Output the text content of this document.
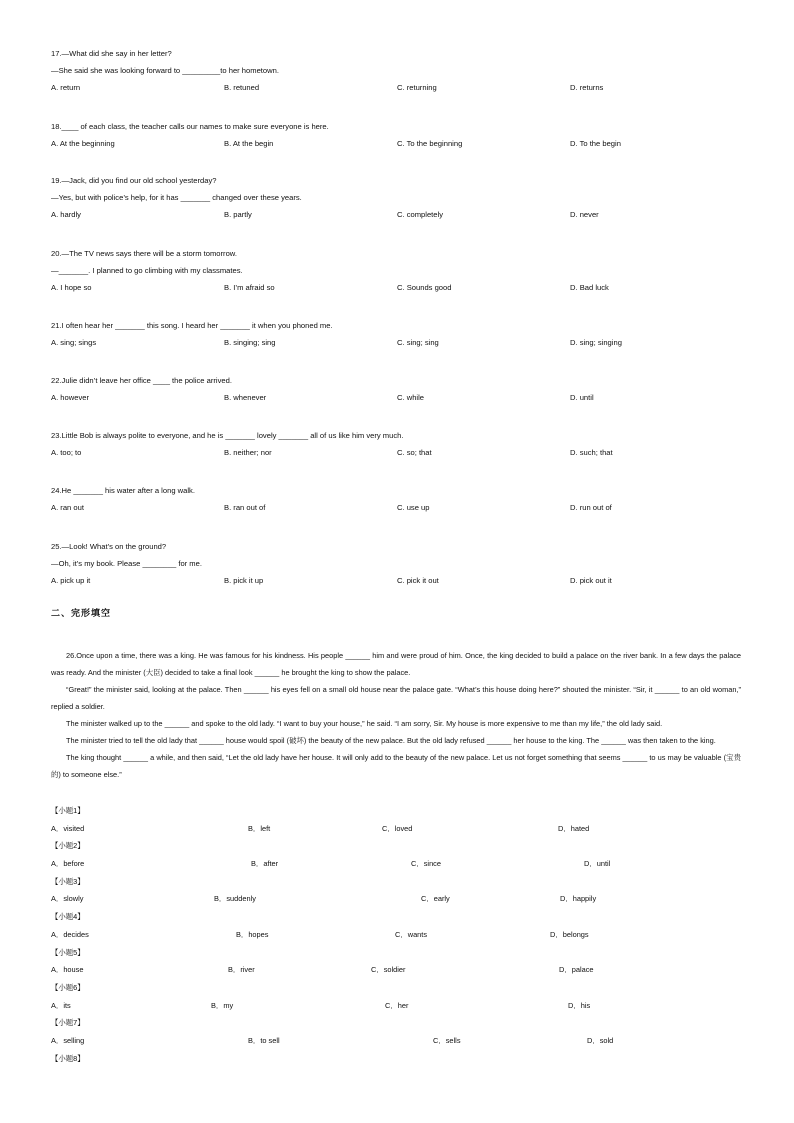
17.—What did she say in her letter?
—She said she was looking forward to _________to her hometown.
A. return	B. retuned	C. returning	D. returns
18.____ of each class, the teacher calls our names to make sure everyone is here.
A. At the beginning	B. At the begin	C. To the beginning	D. To the begin
19.—Jack, did you find our old school yesterday?
—Yes, but with police’s help, for it has _______ changed over these years.
A. hardly	B. partly	C. completely	D. never
20.—The TV news says there will be a storm tomorrow.
—_______. I planned to go climbing with my classmates.
A. I hope so	B. I’m afraid so	C. Sounds good	D. Bad luck
21.I often hear her _______ this song. I heard her _______ it when you phoned me.
A. sing; sings	B. singing; sing	C. sing; sing	D. sing; singing
22.Julie didn’t leave her office ____ the police arrived.
A. however	B. whenever	C. while	D. until
23.Little Bob is always polite to everyone, and he is _______ lovely _______ all of us like him very much.
A. too; to	B. neither; nor	C. so; that	D. such; that
24.He _______ his water after a long walk.
A. ran out	B. ran out of	C. use up	D. run out of
25.—Look! What’s on the ground?
—Oh, it’s my book. Please ________ for me.
A. pick up it	B. pick it up	C. pick it out	D. pick out it
二、完形填空

26.Once upon a time, there was a king. He was famous for his kindness. His people ______ him and were proud of him. Once, the king decided to build a palace on the river bank. In a few days the palace was ready. And the minister (大臣) decided to take a final look ______ he brought the king to show the palace.

“Great!” the minister said, looking at the palace. Then ______ his eyes fell on a small old house near the palace gate. “What’s this house doing here?” shouted the minister. “Sir, it ______ to an old woman,” replied a soldier.

The minister walked up to the ______ and spoke to the old lady. “I want to buy your house,” he said. “I am sorry, Sir. My house is more expensive to me than my life,” the old lady said.

The minister tried to tell the old lady that ______ house would spoil (破坏) the beauty of the new palace. But the old lady refused ______ her house to the king. The ______ was then taken to the king.

The king thought ______ a while, and then said, “Let the old lady have her house. It will only add to the beauty of the new palace. Let us not forget something that seems ______ to us may be valuable (宝贵的) to someone else.”

【小题1】
A．visited	B．left	C．loved	D．hated
【小题2】
A．before	B．after	C．since	D．until
【小题3】
A．slowly	B．suddenly	C．early	D．happily
【小题4】
A．decides	B．hopes	C．wants	D．belongs
【小题5】
A．house	B．river	C．soldier	D．palace
【小题6】
A．its	B．my	C．her	D．his
【小题7】
A．selling	B．to sell	C．sells	D．sold
【小题8】
